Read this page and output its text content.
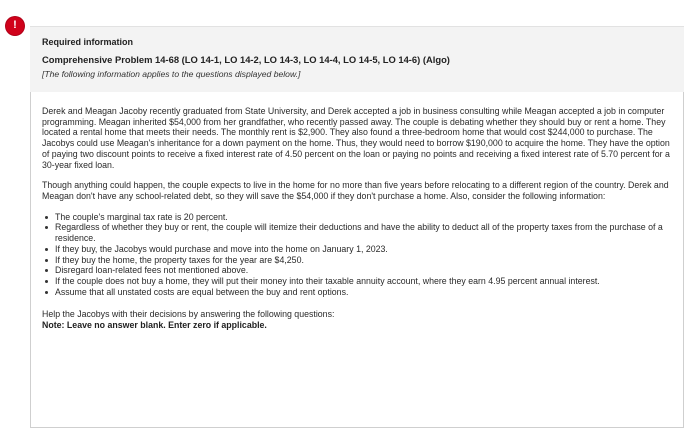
!
Required information
Comprehensive Problem 14-68 (LO 14-1, LO 14-2, LO 14-3, LO 14-4, LO 14-5, LO 14-6) (Algo)
[The following information applies to the questions displayed below.]

Derek and Meagan Jacoby recently graduated from State University, and Derek accepted a job in business consulting while Meagan accepted a job in computer programming. Meagan inherited $54,000 from her grandfather, who recently passed away. The couple is debating whether they should buy or rent a home. They located a rental home that meets their needs. The monthly rent is $2,900. They also found a three-bedroom home that would cost $244,000 to purchase. The Jacobys could use Meagan's inheritance for a down payment on the home. Thus, they would need to borrow $190,000 to acquire the home. They have the option of paying two discount points to receive a fixed interest rate of 4.50 percent on the loan or paying no points and receiving a fixed interest rate of 5.70 percent for a 30-year fixed loan.

Though anything could happen, the couple expects to live in the home for no more than five years before relocating to a different region of the country. Derek and Meagan don't have any school-related debt, so they will save the $54,000 if they don't purchase a home. Also, consider the following information:

The couple's marginal tax rate is 20 percent.
Regardless of whether they buy or rent, the couple will itemize their deductions and have the ability to deduct all of the property taxes from the purchase of a residence.
If they buy, the Jacobys would purchase and move into the home on January 1, 2023.
If they buy the home, the property taxes for the year are $4,250.
Disregard loan-related fees not mentioned above.
If the couple does not buy a home, they will put their money into their taxable annuity account, where they earn 4.95 percent annual interest.
Assume that all unstated costs are equal between the buy and rent options.
Help the Jacobys with their decisions by answering the following questions:
Note: Leave no answer blank. Enter zero if applicable.
